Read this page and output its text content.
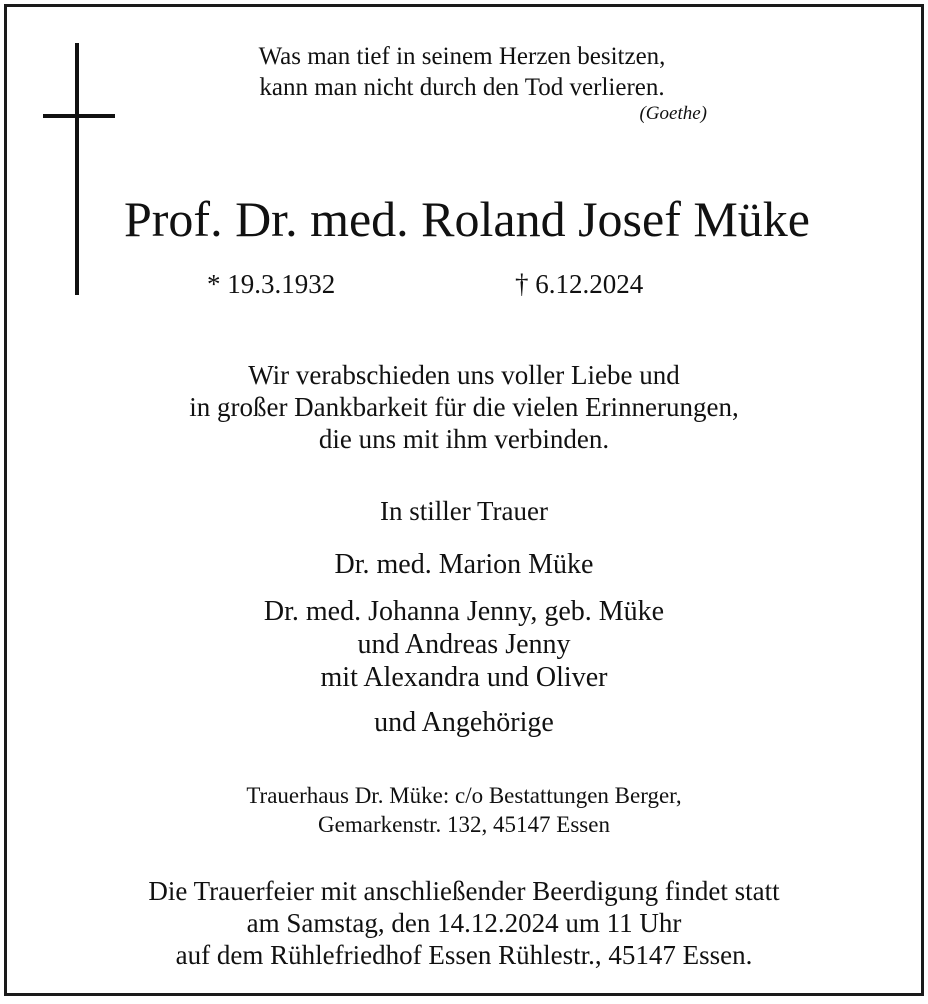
Was man tief in seinem Herzen besitzen,
kann man nicht durch den Tod verlieren.
(Goethe)
Prof. Dr. med. Roland Josef Müke
* 19.3.1932	† 6.12.2024
Wir verabschieden uns voller Liebe und
in großer Dankbarkeit für die vielen Erinnerungen,
die uns mit ihm verbinden.
In stiller Trauer
Dr. med. Marion Müke
Dr. med. Johanna Jenny, geb. Müke
und Andreas Jenny
mit Alexandra und Oliver
und Angehörige
Trauerhaus Dr. Müke: c/o Bestattungen Berger,
Gemarkenstr. 132, 45147 Essen
Die Trauerfeier mit anschließender Beerdigung findet statt
am Samstag, den 14.12.2024 um 11 Uhr
auf dem Rühlefriedhof Essen Rühlestr., 45147 Essen.
